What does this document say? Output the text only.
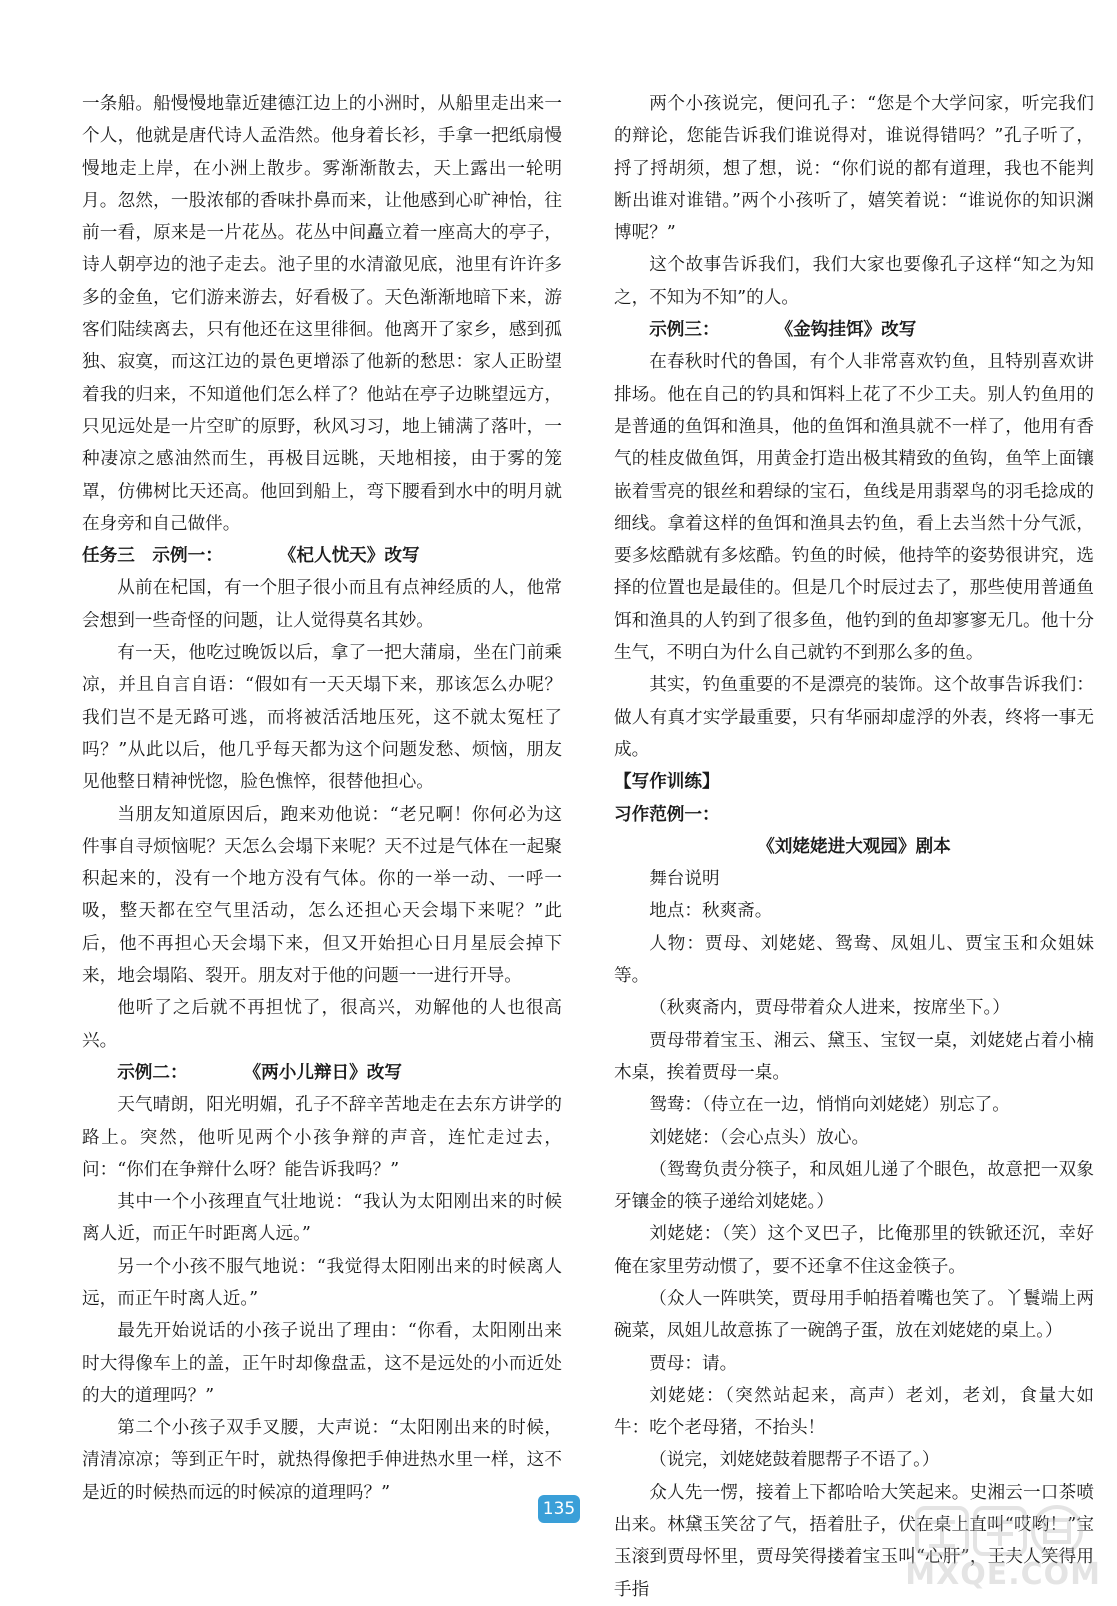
一条船。船慢慢地靠近建德江边上的小洲时，从船里走出来一个人，他就是唐代诗人孟浩然。他身着长衫，手拿一把纸扇慢慢地走上岸，在小洲上散步。雾渐渐散去，天上露出一轮明月。忽然，一股浓郁的香味扑鼻而来，让他感到心旷神怡，往前一看，原来是一片花丛。花丛中间矗立着一座高大的亭子，诗人朝亭边的池子走去。池子里的水清澈见底，池里有许许多多的金鱼，它们游来游去，好看极了。天色渐渐地暗下来，游客们陆续离去，只有他还在这里徘徊。他离开了家乡，感到孤独、寂寞，而这江边的景色更增添了他新的愁思：家人正盼望着我的归来，不知道他们怎么样了？他站在亭子边眺望远方，只见远处是一片空旷的原野，秋风习习，地上铺满了落叶，一种凄凉之感油然而生，再极目远眺，天地相接，由于雾的笼罩，仿佛树比天还高。他回到船上，弯下腰看到水中的明月就在身旁和自己做伴。

任务三　 示例一：	《杞人忧天》改写

从前在杞国，有一个胆子很小而且有点神经质的人，他常会想到一些奇怪的问题，让人觉得莫名其妙。

有一天，他吃过晚饭以后，拿了一把大蒲扇，坐在门前乘凉，并且自言自语：“假如有一天天塌下来，那该怎么办呢？我们岂不是无路可逃，而将被活活地压死，这不就太冤枉了吗？”从此以后，他几乎每天都为这个问题发愁、烦恼，朋友见他整日精神恍惚，脸色憔悴，很替他担心。

当朋友知道原因后，跑来劝他说：“老兄啊！你何必为这件事自寻烦恼呢？天怎么会塌下来呢？天不过是气体在一起聚积起来的，没有一个地方没有气体。你的一举一动、一呼一吸，整天都在空气里活动，怎么还担心天会塌下来呢？”此后，他不再担心天会塌下来，但又开始担心日月星辰会掉下来，地会塌陷、裂开。朋友对于他的问题一一进行开导。

他听了之后就不再担忧了，很高兴，劝解他的人也很高兴。

示例二：	《两小儿辩日》改写

天气晴朗，阳光明媚，孔子不辞辛苦地走在去东方讲学的路上。突然，他听见两个小孩争辩的声音，连忙走过去，问：“你们在争辩什么呀？能告诉我吗？”

其中一个小孩理直气壮地说：“我认为太阳刚出来的时候离人近，而正午时距离人远。”

另一个小孩不服气地说：“我觉得太阳刚出来的时候离人远，而正午时离人近。”

最先开始说话的小孩子说出了理由：“你看，太阳刚出来时大得像车上的盖，正午时却像盘盂，这不是远处的小而近处的大的道理吗？”

第二个小孩子双手叉腰，大声说：“太阳刚出来的时候，清清凉凉；等到正午时，就热得像把手伸进热水里一样，这不是近的时候热而远的时候凉的道理吗？”

两个小孩说完，便问孔子：“您是个大学问家，听完我们的辩论，您能告诉我们谁说得对，谁说得错吗？”孔子听了，捋了捋胡须，想了想，说：“你们说的都有道理，我也不能判断出谁对谁错。”两个小孩听了，嬉笑着说：“谁说你的知识渊博呢？”

这个故事告诉我们，我们大家也要像孔子这样“知之为知之，不知为不知”的人。

示例三：	《金钩挂饵》改写

在春秋时代的鲁国，有个人非常喜欢钓鱼，且特别喜欢讲排场。他在自己的钓具和饵料上花了不少工夫。别人钓鱼用的是普通的鱼饵和渔具，他的鱼饵和渔具就不一样了，他用有香气的桂皮做鱼饵，用黄金打造出极其精致的鱼钩，鱼竿上面镶嵌着雪亮的银丝和碧绿的宝石，鱼线是用翡翠鸟的羽毛捻成的细线。拿着这样的鱼饵和渔具去钓鱼，看上去当然十分气派，要多炫酷就有多炫酷。钓鱼的时候，他持竿的姿势很讲究，选择的位置也是最佳的。但是几个时辰过去了，那些使用普通鱼饵和渔具的人钓到了很多鱼，他钓到的鱼却寥寥无几。他十分生气，不明白为什么自己就钓不到那么多的鱼。

其实，钓鱼重要的不是漂亮的装饰。这个故事告诉我们：做人有真才实学最重要，只有华丽却虚浮的外表，终将一事无成。

【写作训练】

习作范例一：

《刘姥姥进大观园》剧本

舞台说明

地点：秋爽斋。

人物：贾母、刘姥姥、鸳鸯、凤姐儿、贾宝玉和众姐妹等。

（秋爽斋内，贾母带着众人进来，按席坐下。）

贾母带着宝玉、湘云、黛玉、宝钗一桌，刘姥姥占着小楠木桌，挨着贾母一桌。

鸳鸯：（侍立在一边，悄悄向刘姥姥）别忘了。

刘姥姥：（会心点头）放心。

（鸳鸯负责分筷子，和凤姐儿递了个眼色，故意把一双象牙镶金的筷子递给刘姥姥。）

刘姥姥：（笑）这个叉巴子，比俺那里的铁锨还沉，幸好俺在家里劳动惯了，要不还拿不住这金筷子。

（众人一阵哄笑，贾母用手帕捂着嘴也笑了。丫鬟端上两碗菜，凤姐儿故意拣了一碗鸽子蛋，放在刘姥姥的桌上。）

贾母：请。

刘姥姥：（突然站起来，高声）老刘，老刘，食量大如牛：吃个老母猪，不抬头！

（说完，刘姥姥鼓着腮帮子不语了。）

众人先一愣，接着上下都哈哈大笑起来。史湘云一口茶喷出来。林黛玉笑岔了气，捂着肚子，伏在桌上直叫“哎哟！”宝玉滚到贾母怀里，贾母笑得搂着宝玉叫“心肝”，王夫人笑得用手指

135
MXQE.COM
